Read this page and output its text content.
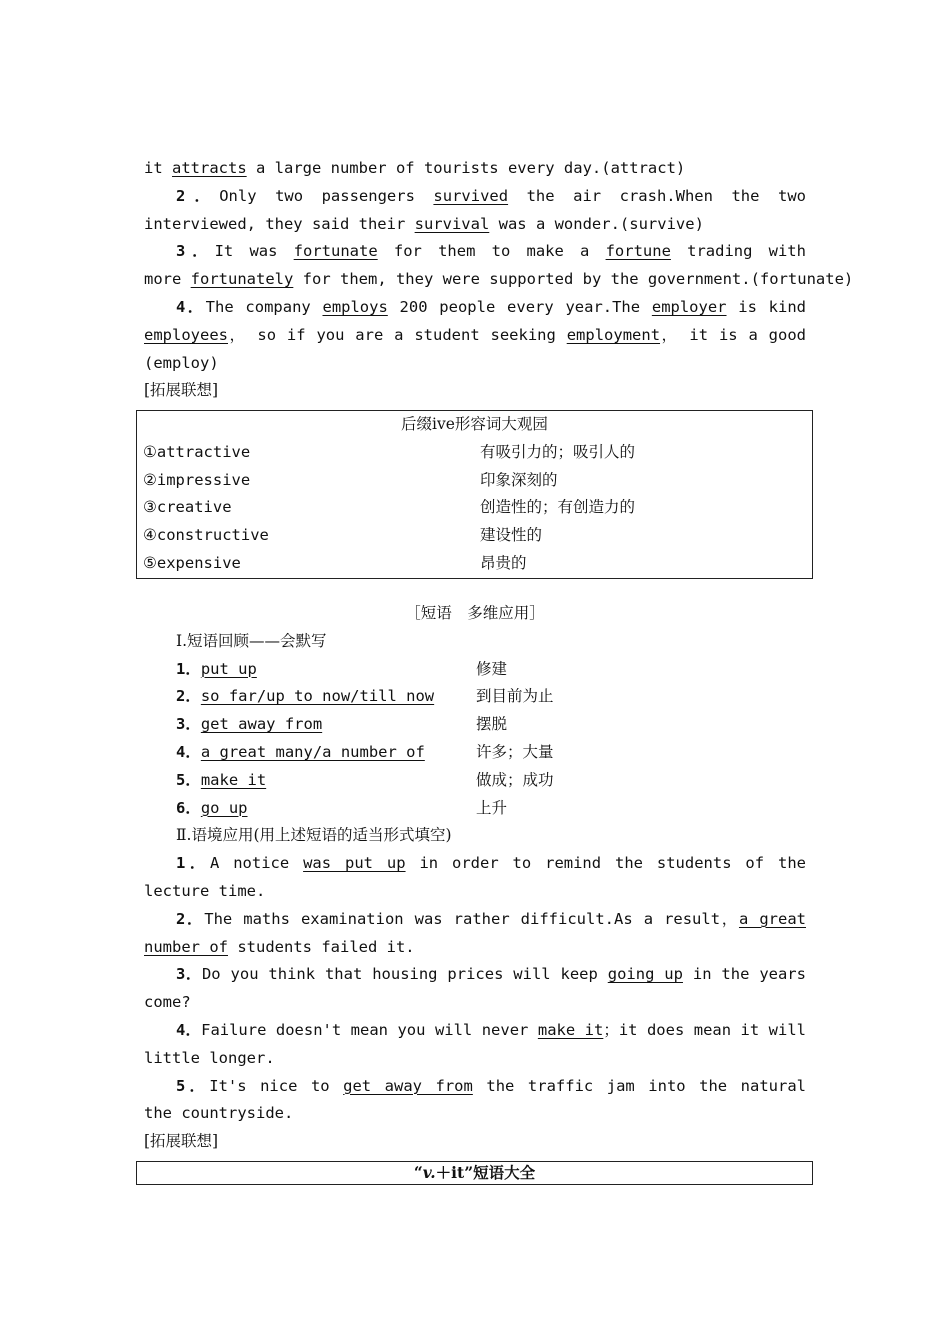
it attracts a large number of tourists every day.(attract)
2．Only two passengers survived the air crash.When the two
interviewed, they said their survival was a wonder.(survive)
3．It was fortunate for them to make a fortune trading with
more fortunately for them, they were supported by the government.(fortunate)
4．The company employs 200 people every year.The employer is kind
employees， so if you are a student seeking employment， it is a good
(employ)
[拓展联想]
后缀ive形容词大观园	
①attractive	有吸引力的；吸引人的
②impressive	印象深刻的
③creative	创造性的；有创造力的
④constructive	建设性的
⑤expensive	昂贵的
［短语　多维应用］
Ⅰ.短语回顾——会默写
1．put up	修建
2．so far/up to now/till now	到目前为止
3．get away from	摆脱
4．a great many/a number of	许多；大量
5．make it	做成；成功
6．go up	上升
Ⅱ.语境应用(用上述短语的适当形式填空)
1．A notice was put up in order to remind the students of the
lecture time.
2．The maths examination was rather difficult.As a result，a great
number of students failed it.
3．Do you think that housing prices will keep going up in the years
come?
4．Failure doesn't mean you will never make it；it does mean it will
little longer.
5．It's nice to get away from the traffic jam into the natural
the countryside.
[拓展联想]
“v.＋it”短语大全
